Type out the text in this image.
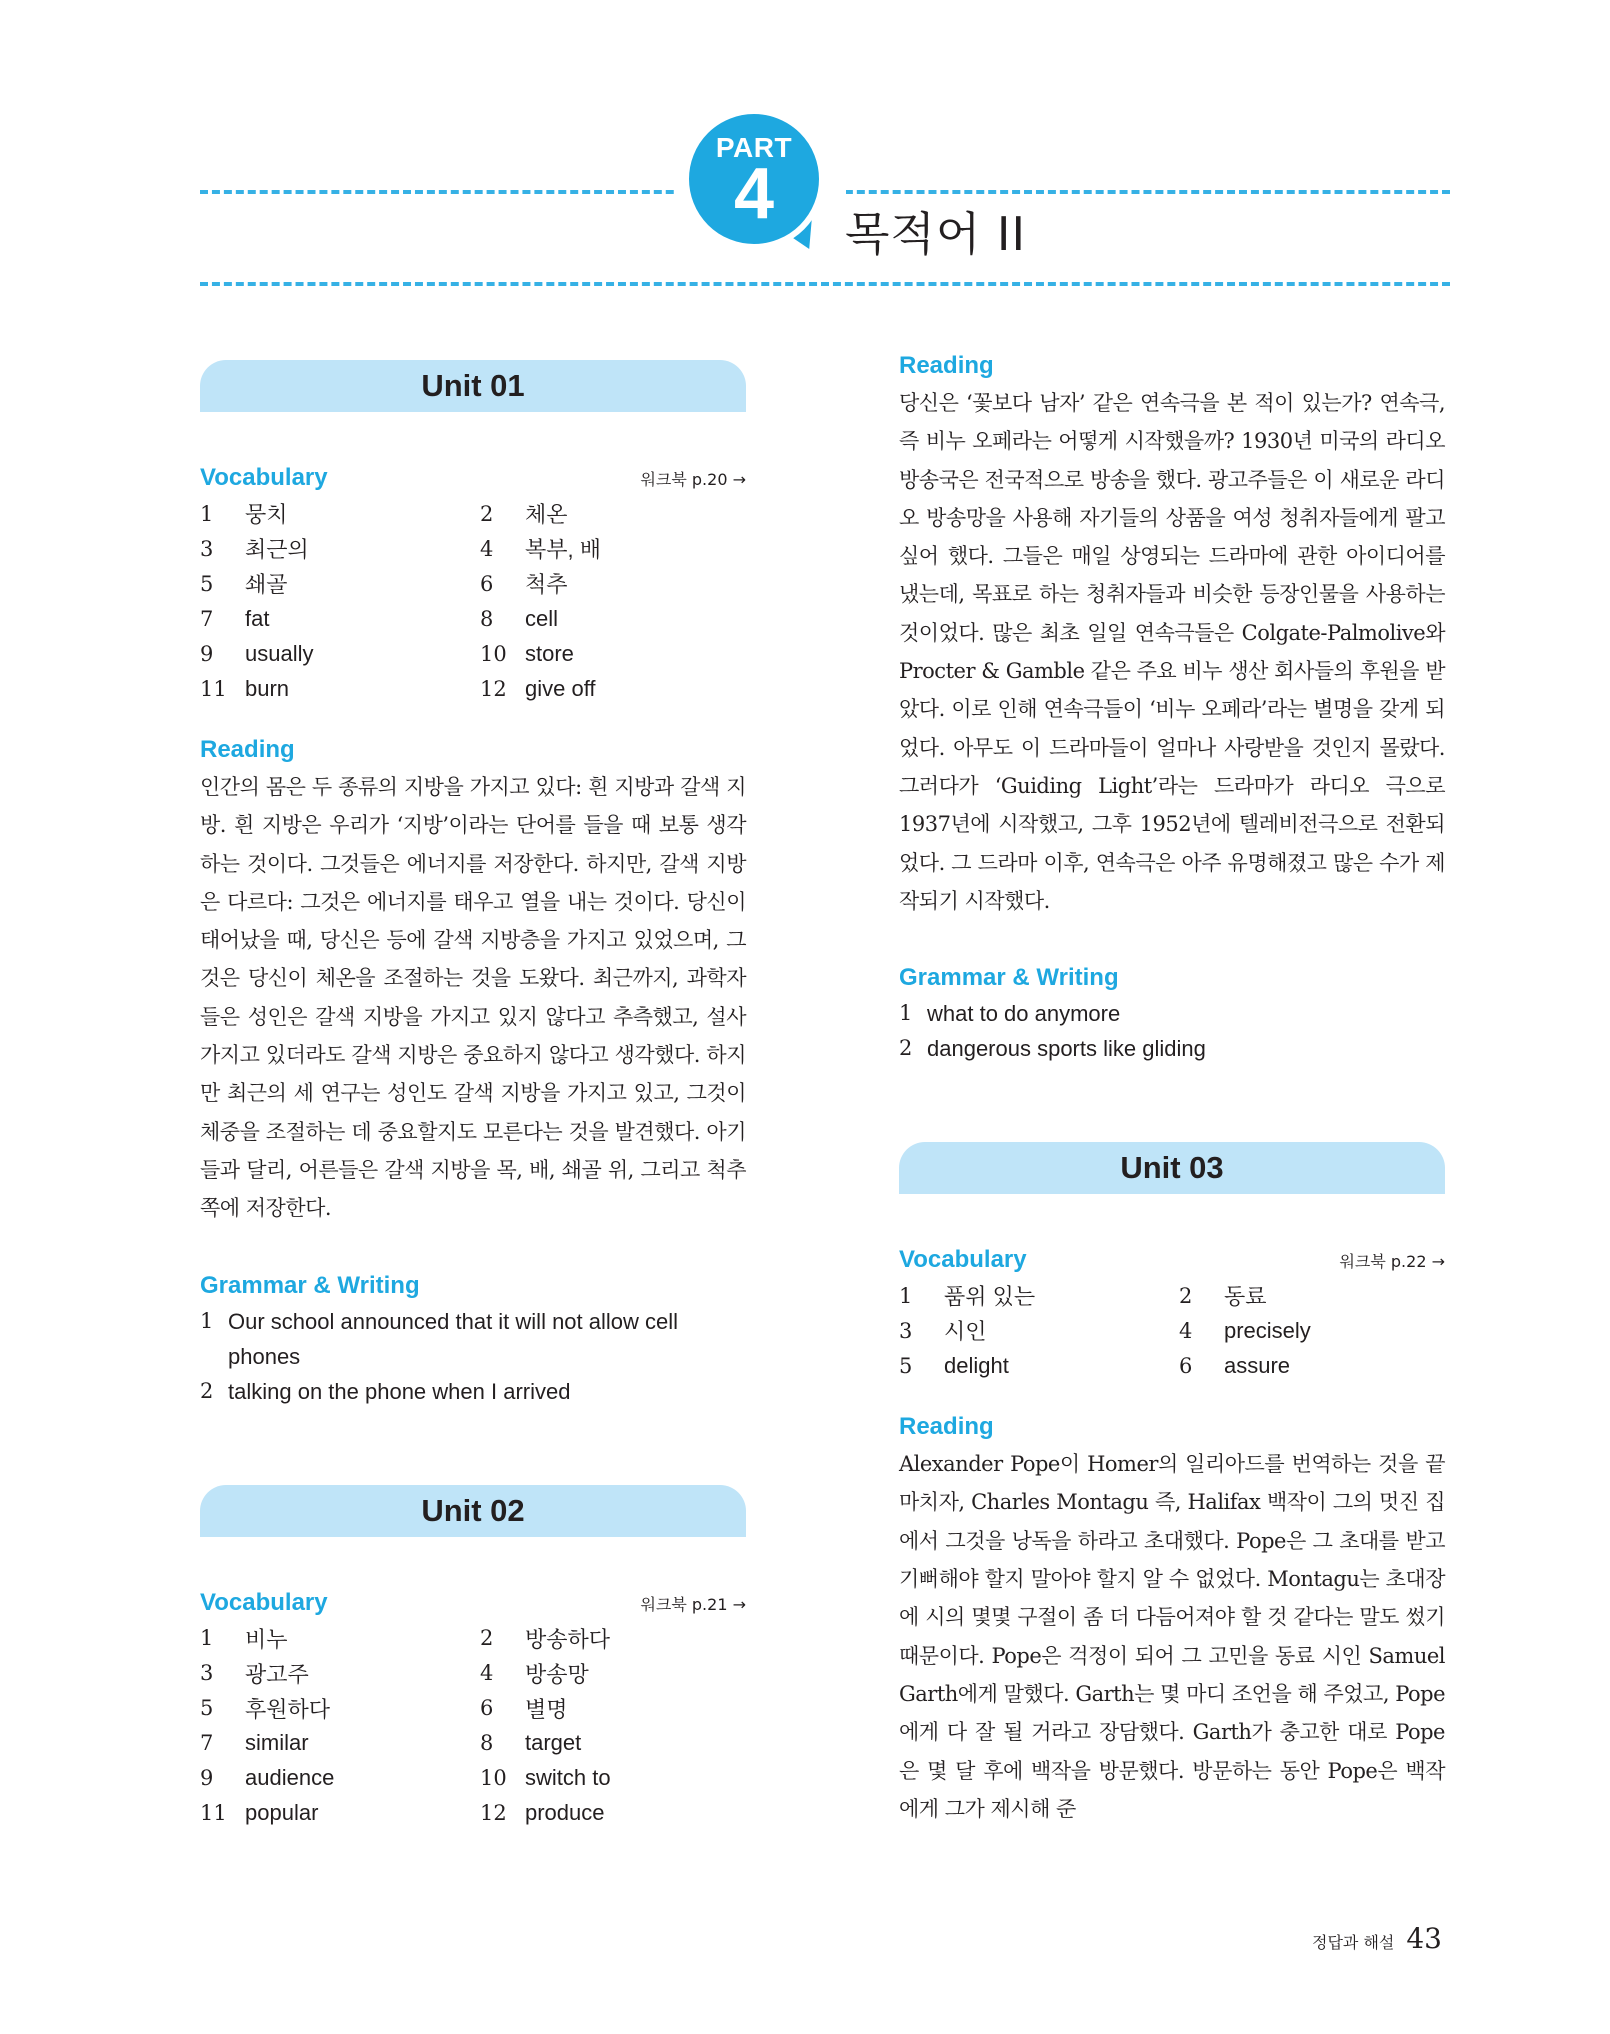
PART
4	목적어 II
Unit 01
Vocabulary	워크북 p.20 →
1	뭉치	2	체온
3	최근의	4	복부, 배
5	쇄골	6	척추
7	fat	8	cell
9	usually	10 store
11 burn	12 give off
Reading

인간의 몸은 두 종류의 지방을 가지고 있다: 흰 지방과 갈색 지방. 흰 지방은 우리가 ‘지방’이라는 단어를 들을 때 보통 생각하는 것이다. 그것들은 에너지를 저장한다. 하지만, 갈색 지방은 다르다: 그것은 에너지를 태우고 열을 내는 것이다. 당신이 태어났을 때, 당신은 등에 갈색 지방층을 가지고 있었으며, 그것은 당신이 체온을 조절하는 것을 도왔다. 최근까지, 과학자들은 성인은 갈색 지방을 가지고 있지 않다고 추측했고, 설사 가지고 있더라도 갈색 지방은 중요하지 않다고 생각했다. 하지만 최근의 세 연구는 성인도 갈색 지방을 가지고 있고, 그것이 체중을 조절하는 데 중요할지도 모른다는 것을 발견했다. 아기들과 달리, 어른들은 갈색 지방을 목, 배, 쇄골 위, 그리고 척추 쪽에 저장한다.

Grammar & Writing
1 Our school announced that it will not allow cell phones
2 talking on the phone when I arrived
Unit 02
Vocabulary	워크북 p.21 →
1	비누	2	방송하다
3	광고주	4	방송망
5	후원하다	6	별명
7	similar	8	target
9	audience	10 switch to
11 popular	12 produce
Reading

당신은 ‘꽃보다 남자’ 같은 연속극을 본 적이 있는가? 연속극, 즉 비누 오페라는 어떻게 시작했을까? 1930년 미국의 라디오 방송국은 전국적으로 방송을 했다. 광고주들은 이 새로운 라디오 방송망을 사용해 자기들의 상품을 여성 청취자들에게 팔고 싶어 했다. 그들은 매일 상영되는 드라마에 관한 아이디어를 냈는데, 목표로 하는 청취자들과 비슷한 등장인물을 사용하는 것이었다. 많은 최초 일일 연속극들은 Colgate-Palmolive와 Procter & Gamble 같은 주요 비누 생산 회사들의 후원을 받았다. 이로 인해 연속극들이 ‘비누 오페라’라는 별명을 갖게 되었다. 아무도 이 드라마들이 얼마나 사랑받을 것인지 몰랐다. 그러다가 ‘Guiding Light’라는 드라마가 라디오 극으로 1937년에 시작했고, 그후 1952년에 텔레비전극으로 전환되었다. 그 드라마 이후, 연속극은 아주 유명해졌고 많은 수가 제작되기 시작했다.

Grammar & Writing
1 what to do anymore
2 dangerous sports like gliding
Unit 03
Vocabulary	워크북 p.22 →
1	품위 있는	2	동료
3	시인	4	precisely
5	delight	6	assure
Reading

Alexander Pope이 Homer의 일리아드를 번역하는 것을 끝마치자, Charles Montagu 즉, Halifax 백작이 그의 멋진 집에서 그것을 낭독을 하라고 초대했다. Pope은 그 초대를 받고 기뻐해야 할지 말아야 할지 알 수 없었다. Montagu는 초대장에 시의 몇몇 구절이 좀 더 다듬어져야 할 것 같다는 말도 썼기 때문이다. Pope은 걱정이 되어 그 고민을 동료 시인 Samuel Garth에게 말했다. Garth는 몇 마디 조언을 해 주었고, Pope에게 다 잘 될 거라고 장담했다. Garth가 충고한 대로 Pope은 몇 달 후에 백작을 방문했다. 방문하는 동안 Pope은 백작에게 그가 제시해 준

정답과 해설 43
